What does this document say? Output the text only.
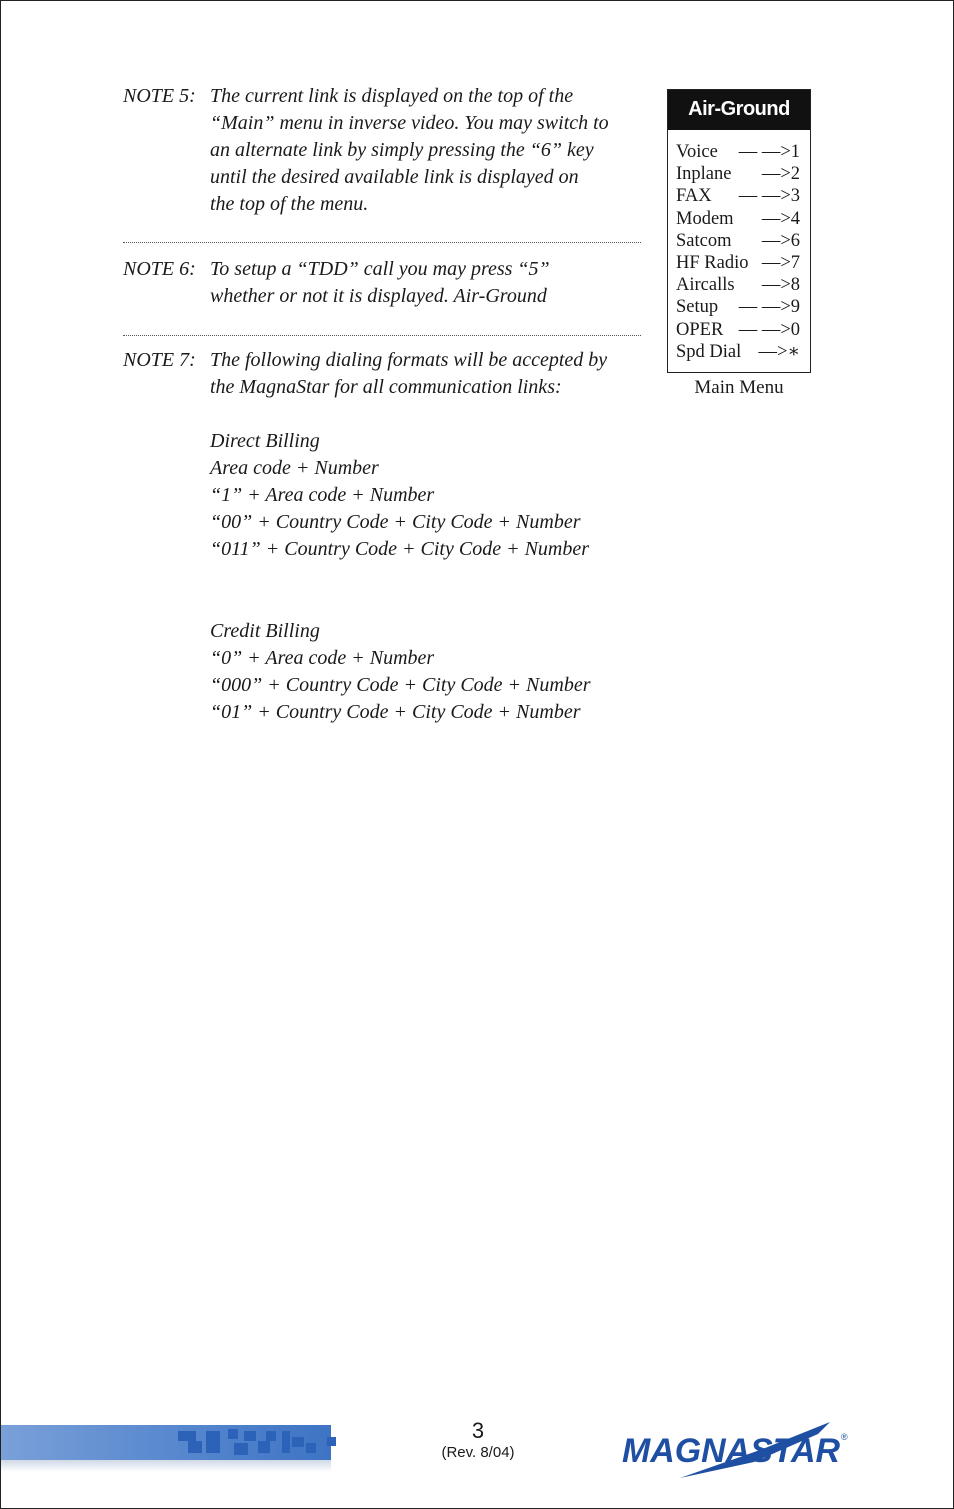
NOTE 5: The current link is displayed on the top of the
“Main” menu in inverse video. You may switch to
an alternate link by simply pressing the “6” key
until the desired available link is displayed on
the top of the menu.
NOTE 6: To setup a “TDD” call you may press “5”
whether or not it is displayed. Air-Ground
NOTE 7: The following dialing formats will be accepted by
the MagnaStar for all communication links:
Direct Billing
Area code + Number
“1” + Area code + Number
“00” + Country Code + City Code + Number
“011” + Country Code + City Code + Number
Credit Billing
“0” + Area code + Number
“000” + Country Code + City Code + Number
“01” + Country Code + City Code + Number
Air-Ground
Voice — —>1
Inplane —>2
FAX — —>3
Modem —>4
Satcom —>6
HF Radio —>7
Aircalls —>8
Setup — —>9
OPER — —>0
Spd Dial —>∗
Main Menu
3
(Rev. 8/04)	MAGNASTAR ®
